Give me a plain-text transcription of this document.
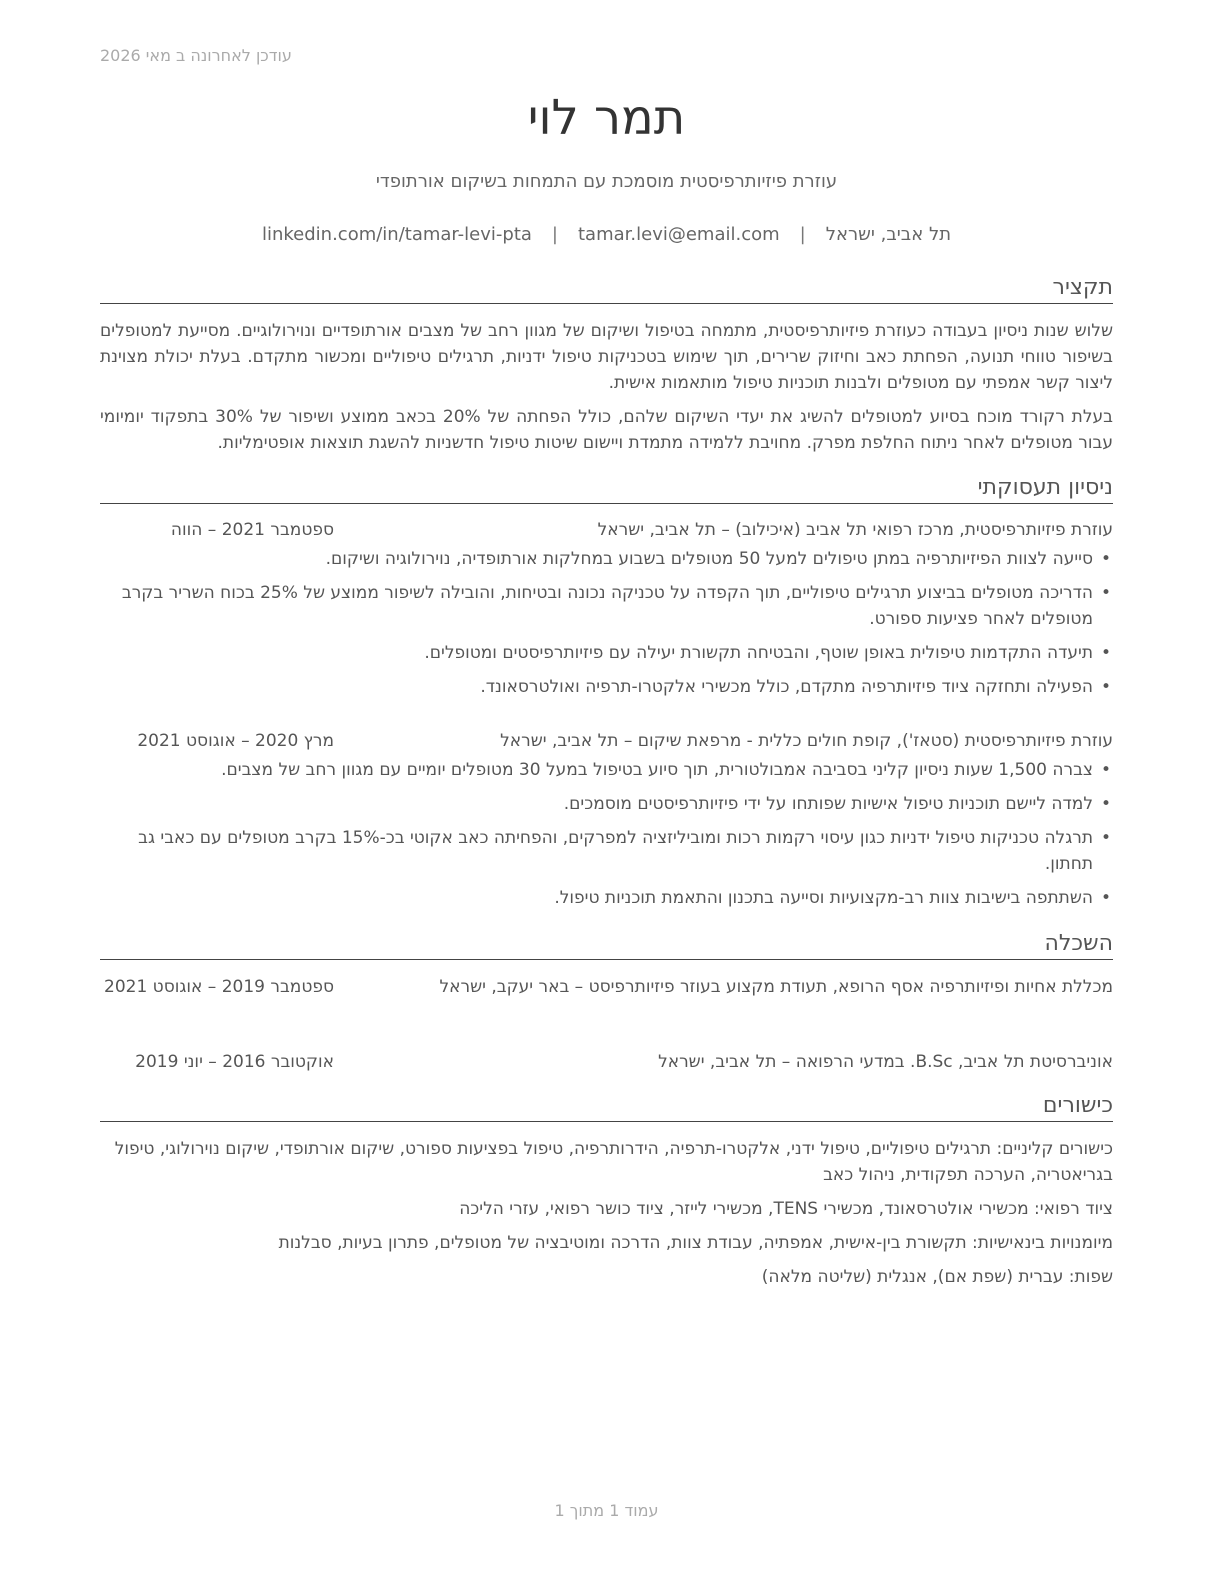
עודכן לאחרונה ב מאי 2026
תמר לוי
עוזרת פיזיותרפיסטית מוסמכת עם התמחות בשיקום אורתופדי
תל אביב, ישראל
|
tamar.levi@email.com
|
linkedin.com/in/tamar-levi-pta
תקציר

שלוש שנות ניסיון בעבודה כעוזרת פיזיותרפיסטית, מתמחה בטיפול ושיקום של מגוון רחב של מצבים אורתופדיים ונוירולוגיים. מסייעת למטופלים בשיפור טווחי תנועה, הפחתת כאב וחיזוק שרירים, תוך שימוש בטכניקות טיפול ידניות, תרגילים טיפוליים ומכשור מתקדם. בעלת יכולת מצוינת ליצור קשר אמפתי עם מטופלים ולבנות תוכניות טיפול מותאמות אישית.

בעלת רקורד מוכח בסיוע למטופלים להשיג את יעדי השיקום שלהם, כולל הפחתה של 20% בכאב ממוצע ושיפור של 30% בתפקוד יומיומי עבור מטופלים לאחר ניתוח החלפת מפרק. מחויבת ללמידה מתמדת ויישום שיטות טיפול חדשניות להשגת תוצאות אופטימליות.

ניסיון תעסוקתי
עוזרת פיזיותרפיסטית, מרכז רפואי תל אביב (איכילוב) – תל אביב, ישראל
ספטמבר 2021 – הווה
• סייעה לצוות הפיזיותרפיה במתן טיפולים למעל 50 מטופלים בשבוע במחלקות אורתופדיה, נוירולוגיה ושיקום.
• הדריכה מטופלים בביצוע תרגילים טיפוליים, תוך הקפדה על טכניקה נכונה ובטיחות, והובילה לשיפור ממוצע של 25% בכוח השריר בקרב מטופלים לאחר פציעות ספורט.
• תיעדה התקדמות טיפולית באופן שוטף, והבטיחה תקשורת יעילה עם פיזיותרפיסטים ומטופלים.
• הפעילה ותחזקה ציוד פיזיותרפיה מתקדם, כולל מכשירי אלקטרו-תרפיה ואולטרסאונד.
עוזרת פיזיותרפיסטית (סטאז'), קופת חולים כללית - מרפאת שיקום – תל אביב, ישראל
מרץ 2020 – אוגוסט 2021
• צברה 1,500 שעות ניסיון קליני בסביבה אמבולטורית, תוך סיוע בטיפול במעל 30 מטופלים יומיים עם מגוון רחב של מצבים.
• למדה ליישם תוכניות טיפול אישיות שפותחו על ידי פיזיותרפיסטים מוסמכים.
• תרגלה טכניקות טיפול ידניות כגון עיסוי רקמות רכות ומוביליזציה למפרקים, והפחיתה כאב אקוטי בכ-15% בקרב מטופלים עם כאבי גב תחתון.
• השתתפה בישיבות צוות רב-מקצועיות וסייעה בתכנון והתאמת תוכניות טיפול.
השכלה
מכללת אחיות ופיזיותרפיה אסף הרופא, תעודת מקצוע בעוזר פיזיותרפיסט – באר יעקב, ישראל
ספטמבר 2019 – אוגוסט 2021
אוניברסיטת תל אביב, B.Sc. במדעי הרפואה – תל אביב, ישראל
אוקטובר 2016 – יוני 2019
כישורים
כישורים קליניים: תרגילים טיפוליים, טיפול ידני, אלקטרו-תרפיה, הידרותרפיה, טיפול בפציעות ספורט, שיקום אורתופדי, שיקום נוירולוגי, טיפול בגריאטריה, הערכה תפקודית, ניהול כאב
ציוד רפואי: מכשירי אולטרסאונד, מכשירי TENS, מכשירי לייזר, ציוד כושר רפואי, עזרי הליכה
מיומנויות בינאישיות: תקשורת בין-אישית, אמפתיה, עבודת צוות, הדרכה ומוטיבציה של מטופלים, פתרון בעיות, סבלנות
שפות: עברית (שפת אם), אנגלית (שליטה מלאה)
עמוד 1 מתוך 1
